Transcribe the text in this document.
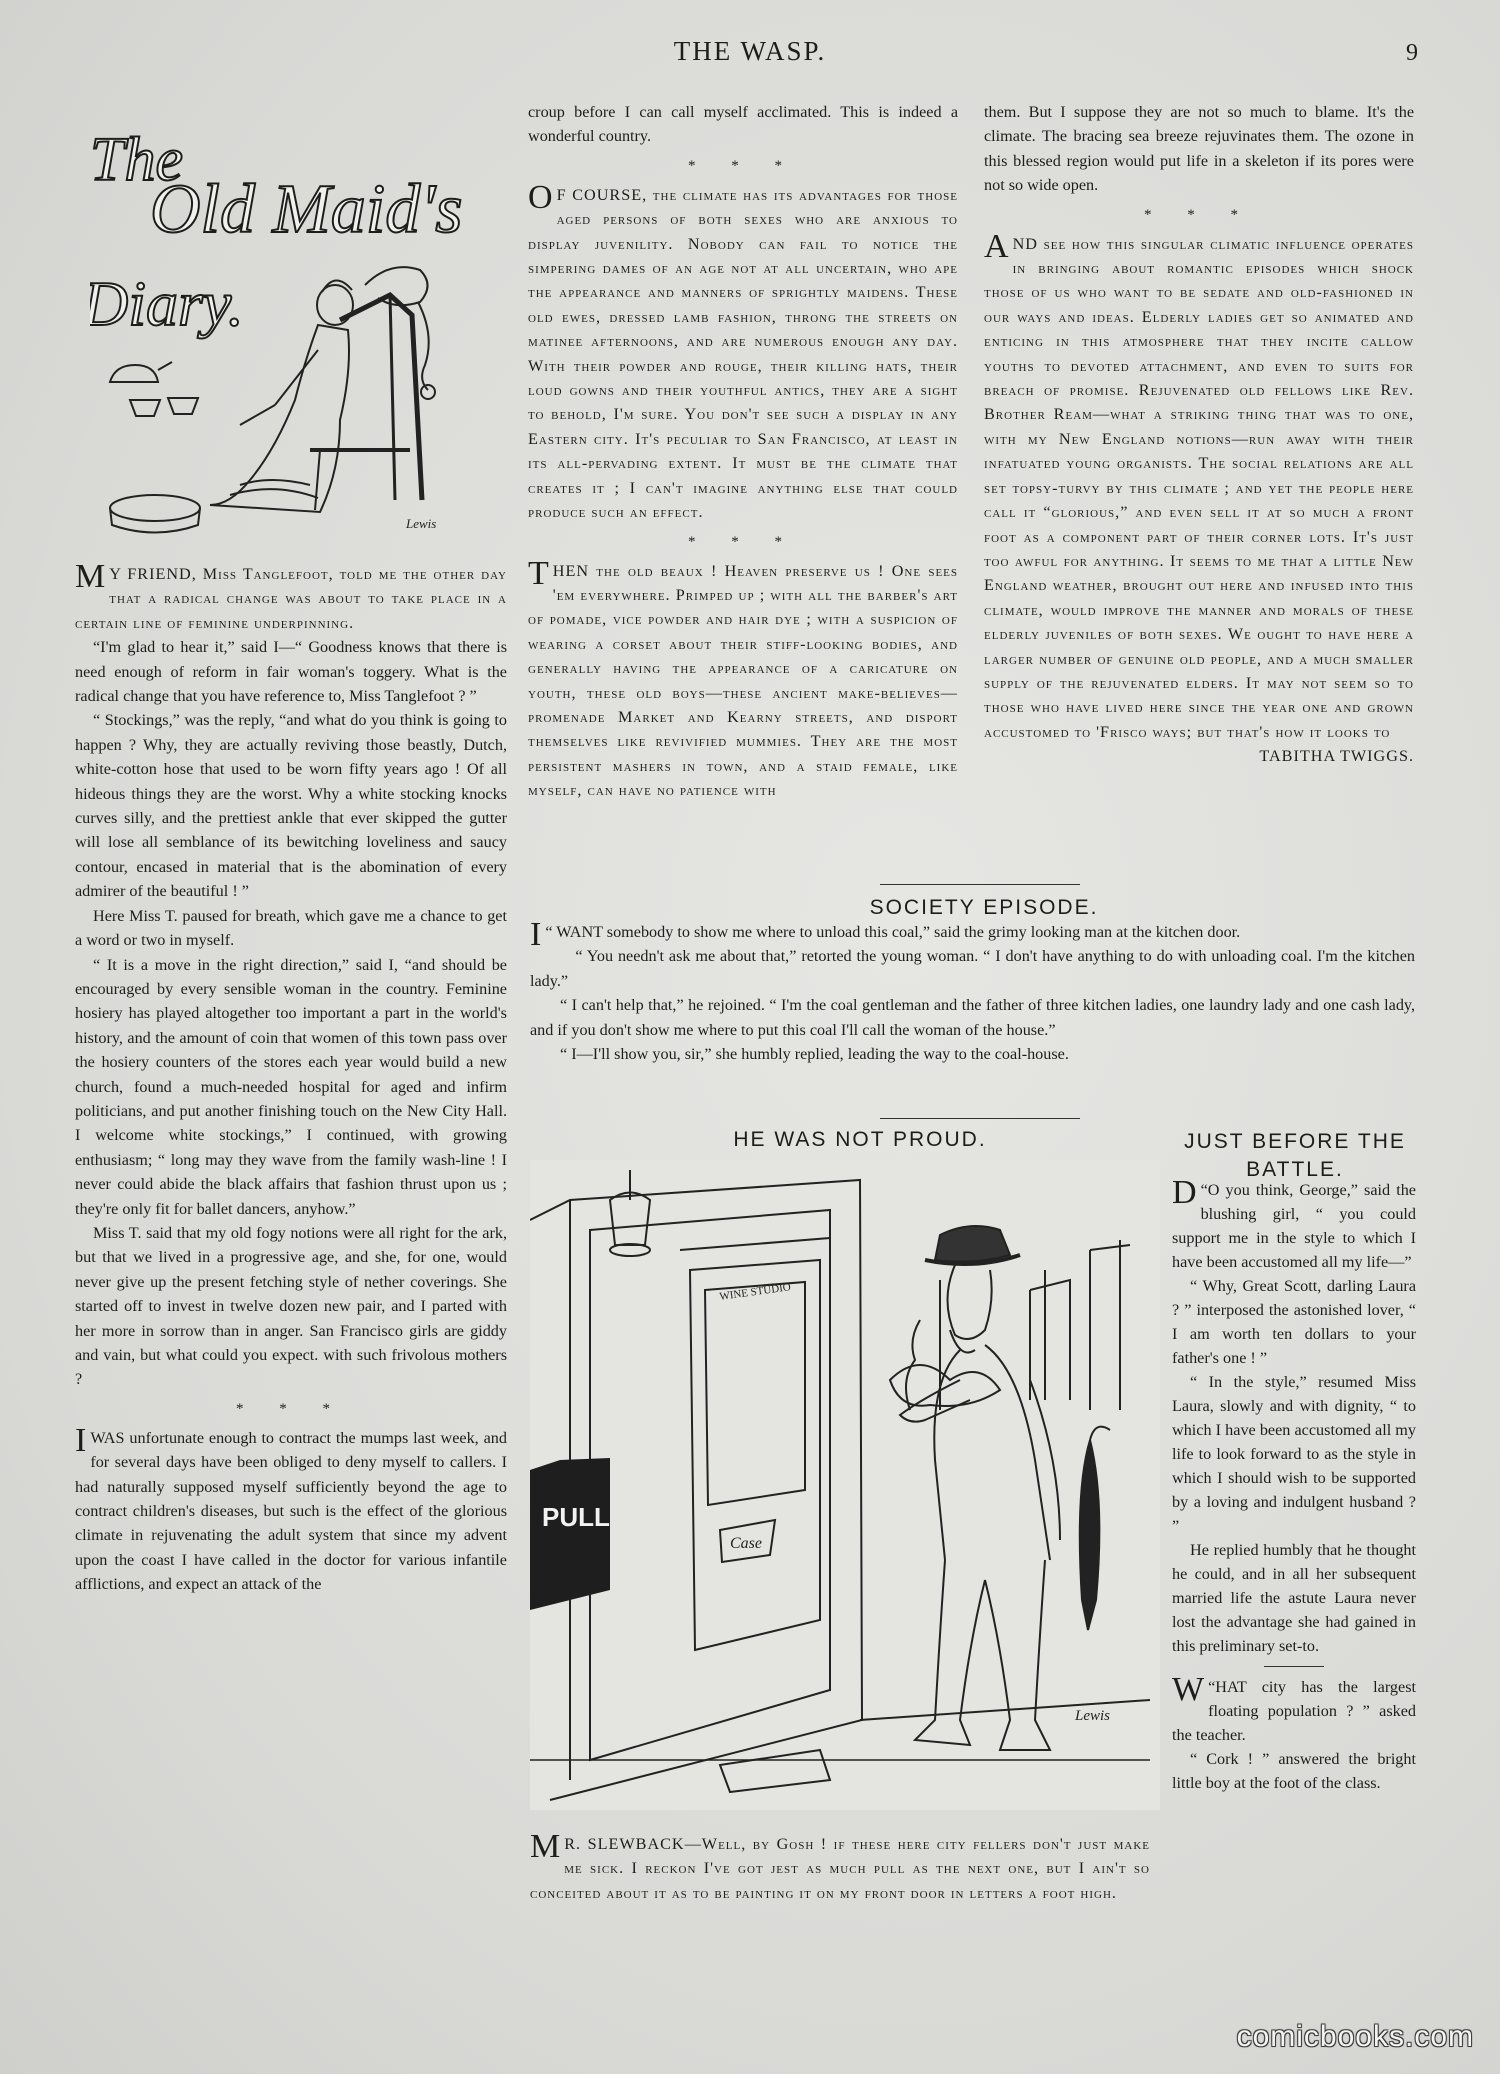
THE WASP.	9
The
Old Maid's
Diary.
Lewis

M Y FRIEND, Miss Tanglefoot, told me the other day that a radical change was about to take place in a certain line of feminine underpinning.

“I'm glad to hear it,” said I—“ Goodness knows that there is need enough of reform in fair woman's toggery. What is the radical change that you have reference to, Miss Tanglefoot ? ”

“ Stockings,” was the reply, “and what do you think is going to happen ? Why, they are actually reviving those beastly, Dutch, white-cotton hose that used to be worn fifty years ago ! Of all hideous things they are the worst. Why a white stocking knocks curves silly, and the prettiest ankle that ever skipped the gutter will lose all semblance of its bewitching loveliness and saucy contour, encased in material that is the abomination of every admirer of the beautiful ! ”

Here Miss T. paused for breath, which gave me a chance to get a word or two in myself.

“ It is a move in the right direction,” said I, “and should be encouraged by every sensible woman in the country. Feminine hosiery has played altogether too important a part in the world's history, and the amount of coin that women of this town pass over the hosiery counters of the stores each year would build a new church, found a much-needed hospital for aged and infirm politicians, and put another finishing touch on the New City Hall. I welcome white stockings,” I continued, with growing enthusiasm; “ long may they wave from the family wash-line ! I never could abide the black affairs that fashion thrust upon us ; they're only fit for ballet dancers, anyhow.”

Miss T. said that my old fogy notions were all right for the ark, but that we lived in a progressive age, and she, for one, would never give up the present fetching style of nether coverings. She started off to invest in twelve dozen new pair, and I parted with her more in sorrow than in anger. San Francisco girls are giddy and vain, but what could you expect. with such frivolous mothers ?

* * *

I WAS unfortunate enough to contract the mumps last week, and for several days have been obliged to deny myself to callers. I had naturally supposed myself sufficiently beyond the age to contract children's diseases, but such is the effect of the glorious climate in rejuvenating the adult system that since my advent upon the coast I have called in the doctor for various infantile afflictions, and expect an attack of the

croup before I can call myself acclimated. This is indeed a wonderful country.

* * *

O F COURSE, the climate has its advantages for those aged persons of both sexes who are anxious to display juvenility. Nobody can fail to notice the simpering dames of an age not at all uncertain, who ape the appearance and manners of sprightly maidens. These old ewes, dressed lamb fashion, throng the streets on matinee afternoons, and are numerous enough any day. With their powder and rouge, their killing hats, their loud gowns and their youthful antics, they are a sight to behold, I'm sure. You don't see such a display in any Eastern city. It's peculiar to San Francisco, at least in its all-pervading extent. It must be the climate that creates it ; I can't imagine anything else that could produce such an effect.

* * *

THEN the old beaux ! Heaven preserve us ! One sees 'em everywhere. Primped up ; with all the barber's art of pomade, vice powder and hair dye ; with a suspicion of wearing a corset about their stiff-looking bodies, and generally having the appearance of a caricature on youth, these old boys—these ancient make-believes—promenade Market and Kearny streets, and disport themselves like revivified mummies. They are the most persistent mashers in town, and a staid female, like myself, can have no patience with

them. But I suppose they are not so much to blame. It's the climate. The bracing sea breeze rejuvinates them. The ozone in this blessed region would put life in a skeleton if its pores were not so wide open.

* * *

AND see how this singular climatic influence operates in bringing about romantic episodes which shock those of us who want to be sedate and old-fashioned in our ways and ideas. Elderly ladies get so animated and enticing in this atmosphere that they incite callow youths to devoted attachment, and even to suits for breach of promise. Rejuvenated old fellows like Rev. Brother Ream—what a striking thing that was to one, with my New England notions—run away with their infatuated young organists. The social relations are all set topsy-turvy by this climate ; and yet the people here call it “glorious,” and even sell it at so much a front foot as a component part of their corner lots. It's just too awful for anything. It seems to me that a little New England weather, brought out here and infused into this climate, would improve the manner and morals of these elderly juveniles of both sexes. We ought to have here a larger number of genuine old people, and a much smaller supply of the rejuvenated elders. It may not seem so to those who have lived here since the year one and grown accustomed to 'Frisco ways; but that's how it looks to

TABITHA TWIGGS.
SOCIETY EPISODE.

“
I WANT somebody to show me where to unload this coal,” said the grimy looking man at the kitchen door.

“ You needn't ask me about that,” retorted the young woman. “ I don't have anything to do with unloading coal. I'm the kitchen lady.”

“ I can't help that,” he rejoined. “ I'm the coal gentleman and the father of three kitchen ladies, one laundry lady and one cash lady, and if you don't show me where to put this coal I'll call the woman of the house.”

“ I—I'll show you, sir,” she humbly replied, leading the way to the coal-house.

HE WAS NOT PROUD.
PULL
WINE STUDIO
Case
Lewis

M R. SLEWBACK—Well, by Gosh ! if these here city fellers don't just make me sick. I reckon I've got jest as much pull as the next one, but I ain't so conceited about it as to be painting it on my front door in letters a foot high.

JUST BEFORE THE BATTLE.

“
D O you think, George,” said the blushing girl, “ you could support me in the style to which I have been accustomed all my life—”

“ Why, Great Scott, darling Laura ? ” interposed the astonished lover, “ I am worth ten dollars to your father's one ! ”

“ In the style,” resumed Miss Laura, slowly and with dignity, “ to which I have been accustomed all my life to look forward to as the style in which I should wish to be supported by a loving and indulgent husband ? ”

He replied humbly that he thought he could, and in all her subsequent married life the astute Laura never lost the advantage she had gained in this preliminary set-to.

“
W HAT city has the largest floating population ? ” asked the teacher.

“ Cork ! ” answered the bright little boy at the foot of the class.

comicbooks.com
